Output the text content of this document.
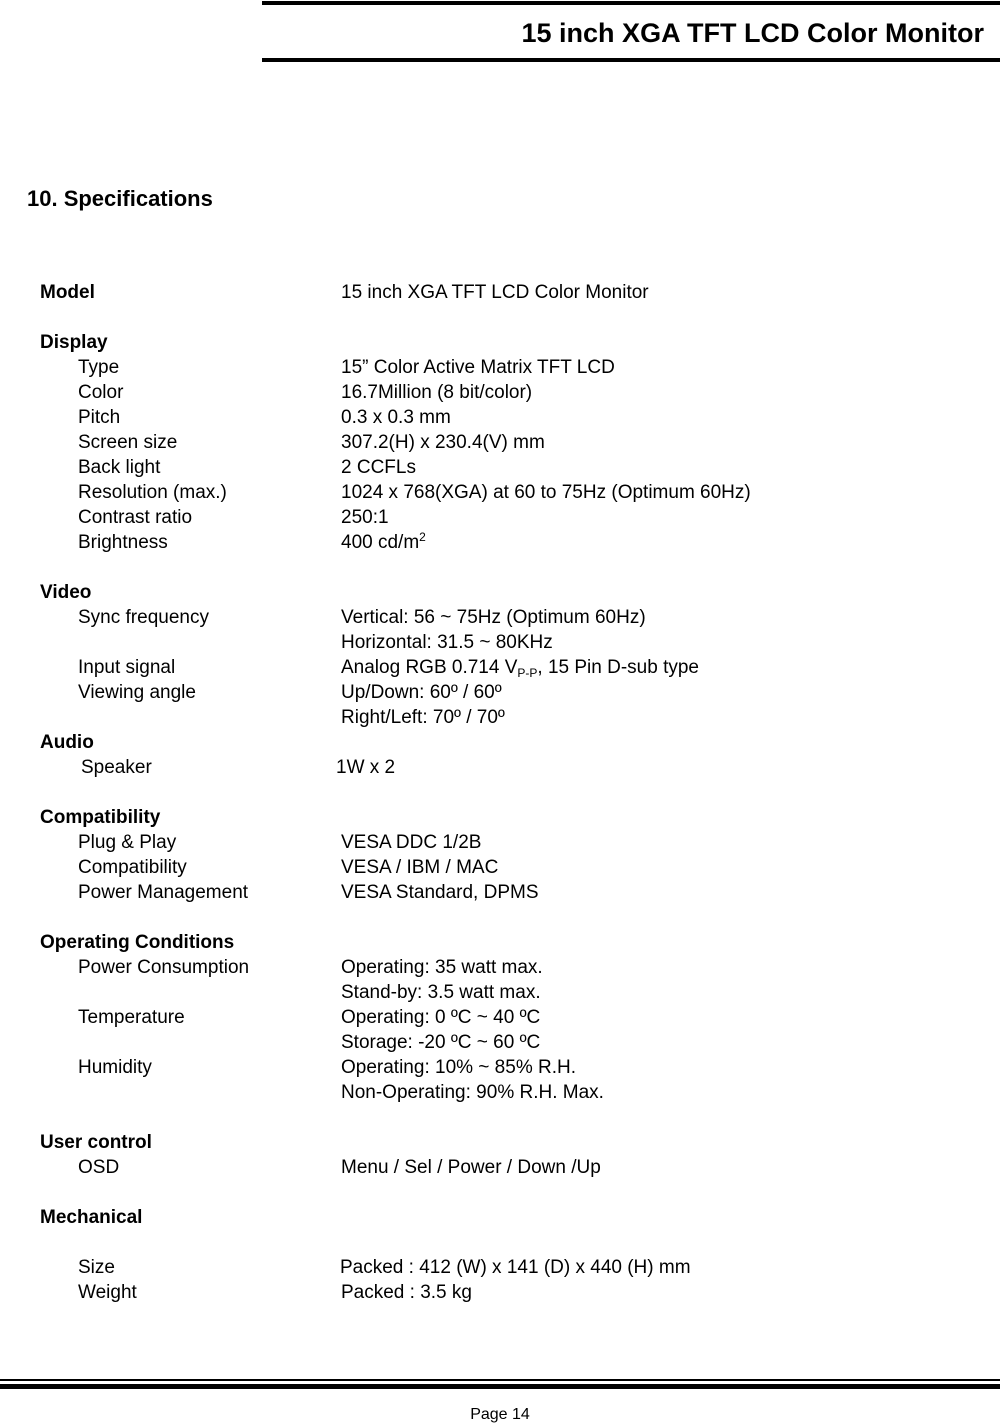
15 inch XGA TFT LCD Color Monitor
10. Specifications
Model	15 inch XGA TFT LCD Color Monitor
Display
Type	15” Color Active Matrix TFT LCD
Color	16.7Million (8 bit/color)
Pitch	0.3 x 0.3 mm
Screen size	307.2(H) x 230.4(V) mm
Back light	2 CCFLs
Resolution (max.)	1024 x 768(XGA) at 60 to 75Hz (Optimum 60Hz)
Contrast ratio	250:1
Brightness	400 $cd/m^2$
Video
Sync frequency	Vertical: 56 ~ 75Hz (Optimum 60Hz)
Horizontal: 31.5 ~ 80KHz
Input signal	Analog RGB 0.714 $V_{P-P}$, 15 Pin D-sub type
Viewing angle	Up/Down: 60º / 60º
Right/Left: 70º / 70º
Audio
Speaker	1W x 2
Compatibility
Plug & Play	VESA DDC 1/2B
Compatibility	VESA / IBM / MAC
Power Management	VESA Standard, DPMS
Operating Conditions
Power Consumption	Operating: 35 watt max.
Stand-by: 3.5 watt max.
Temperature	Operating: 0 ºC ~ 40 ºC
Storage: -20 ºC ~ 60 ºC
Humidity	Operating: 10% ~ 85% R.H.
Non-Operating: 90% R.H. Max.
User control
OSD	Menu / Sel / Power / Down /Up
Mechanical
Size	Packed : 412 (W) x 141 (D) x 440 (H) mm
Weight	Packed : 3.5 kg
Page 14
